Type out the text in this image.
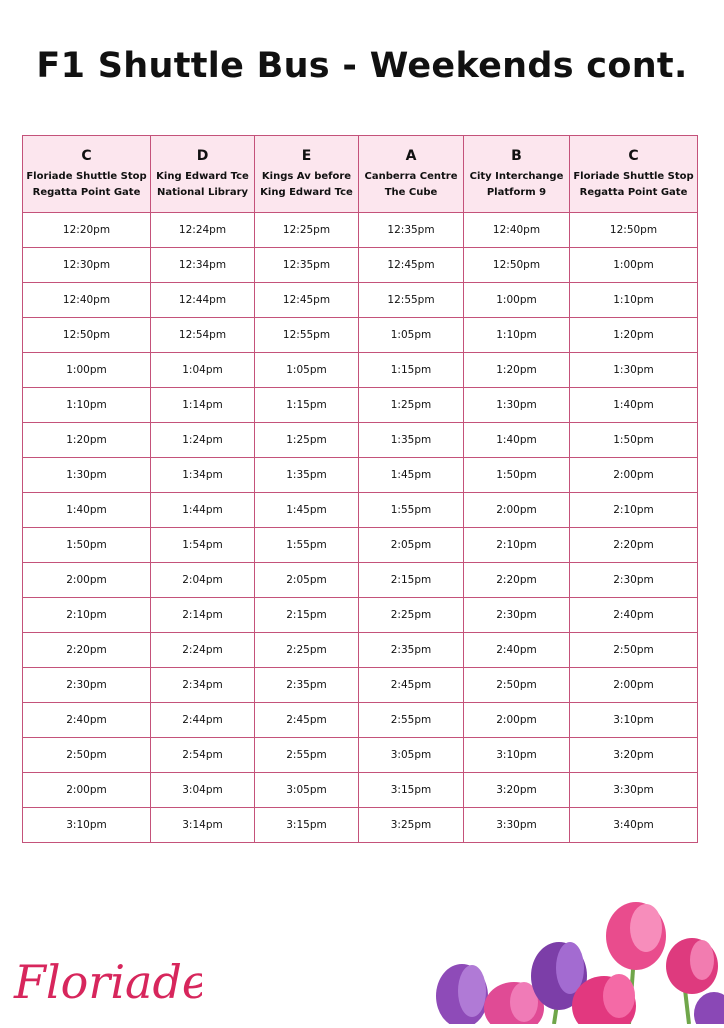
F1 Shuttle Bus - Weekends cont.
C
Floriade Shuttle Stop
Regatta Point Gate	D
King Edward Tce
National Library	E
Kings Av before
King Edward Tce	A
Canberra Centre
The Cube	B
City Interchange
Platform 9	C
Floriade Shuttle Stop
Regatta Point Gate

12:20pm	12:24pm	12:25pm	12:35pm	12:40pm	12:50pm
12:30pm	12:34pm	12:35pm	12:45pm	12:50pm	1:00pm
12:40pm	12:44pm	12:45pm	12:55pm	1:00pm	1:10pm
12:50pm	12:54pm	12:55pm	1:05pm	1:10pm	1:20pm
1:00pm	1:04pm	1:05pm	1:15pm	1:20pm	1:30pm
1:10pm	1:14pm	1:15pm	1:25pm	1:30pm	1:40pm
1:20pm	1:24pm	1:25pm	1:35pm	1:40pm	1:50pm
1:30pm	1:34pm	1:35pm	1:45pm	1:50pm	2:00pm
1:40pm	1:44pm	1:45pm	1:55pm	2:00pm	2:10pm
1:50pm	1:54pm	1:55pm	2:05pm	2:10pm	2:20pm
2:00pm	2:04pm	2:05pm	2:15pm	2:20pm	2:30pm
2:10pm	2:14pm	2:15pm	2:25pm	2:30pm	2:40pm
2:20pm	2:24pm	2:25pm	2:35pm	2:40pm	2:50pm
2:30pm	2:34pm	2:35pm	2:45pm	2:50pm	2:00pm
2:40pm	2:44pm	2:45pm	2:55pm	2:00pm	3:10pm
2:50pm	2:54pm	2:55pm	3:05pm	3:10pm	3:20pm
2:00pm	3:04pm	3:05pm	3:15pm	3:20pm	3:30pm
3:10pm	3:14pm	3:15pm	3:25pm	3:30pm	3:40pm
Floriade
